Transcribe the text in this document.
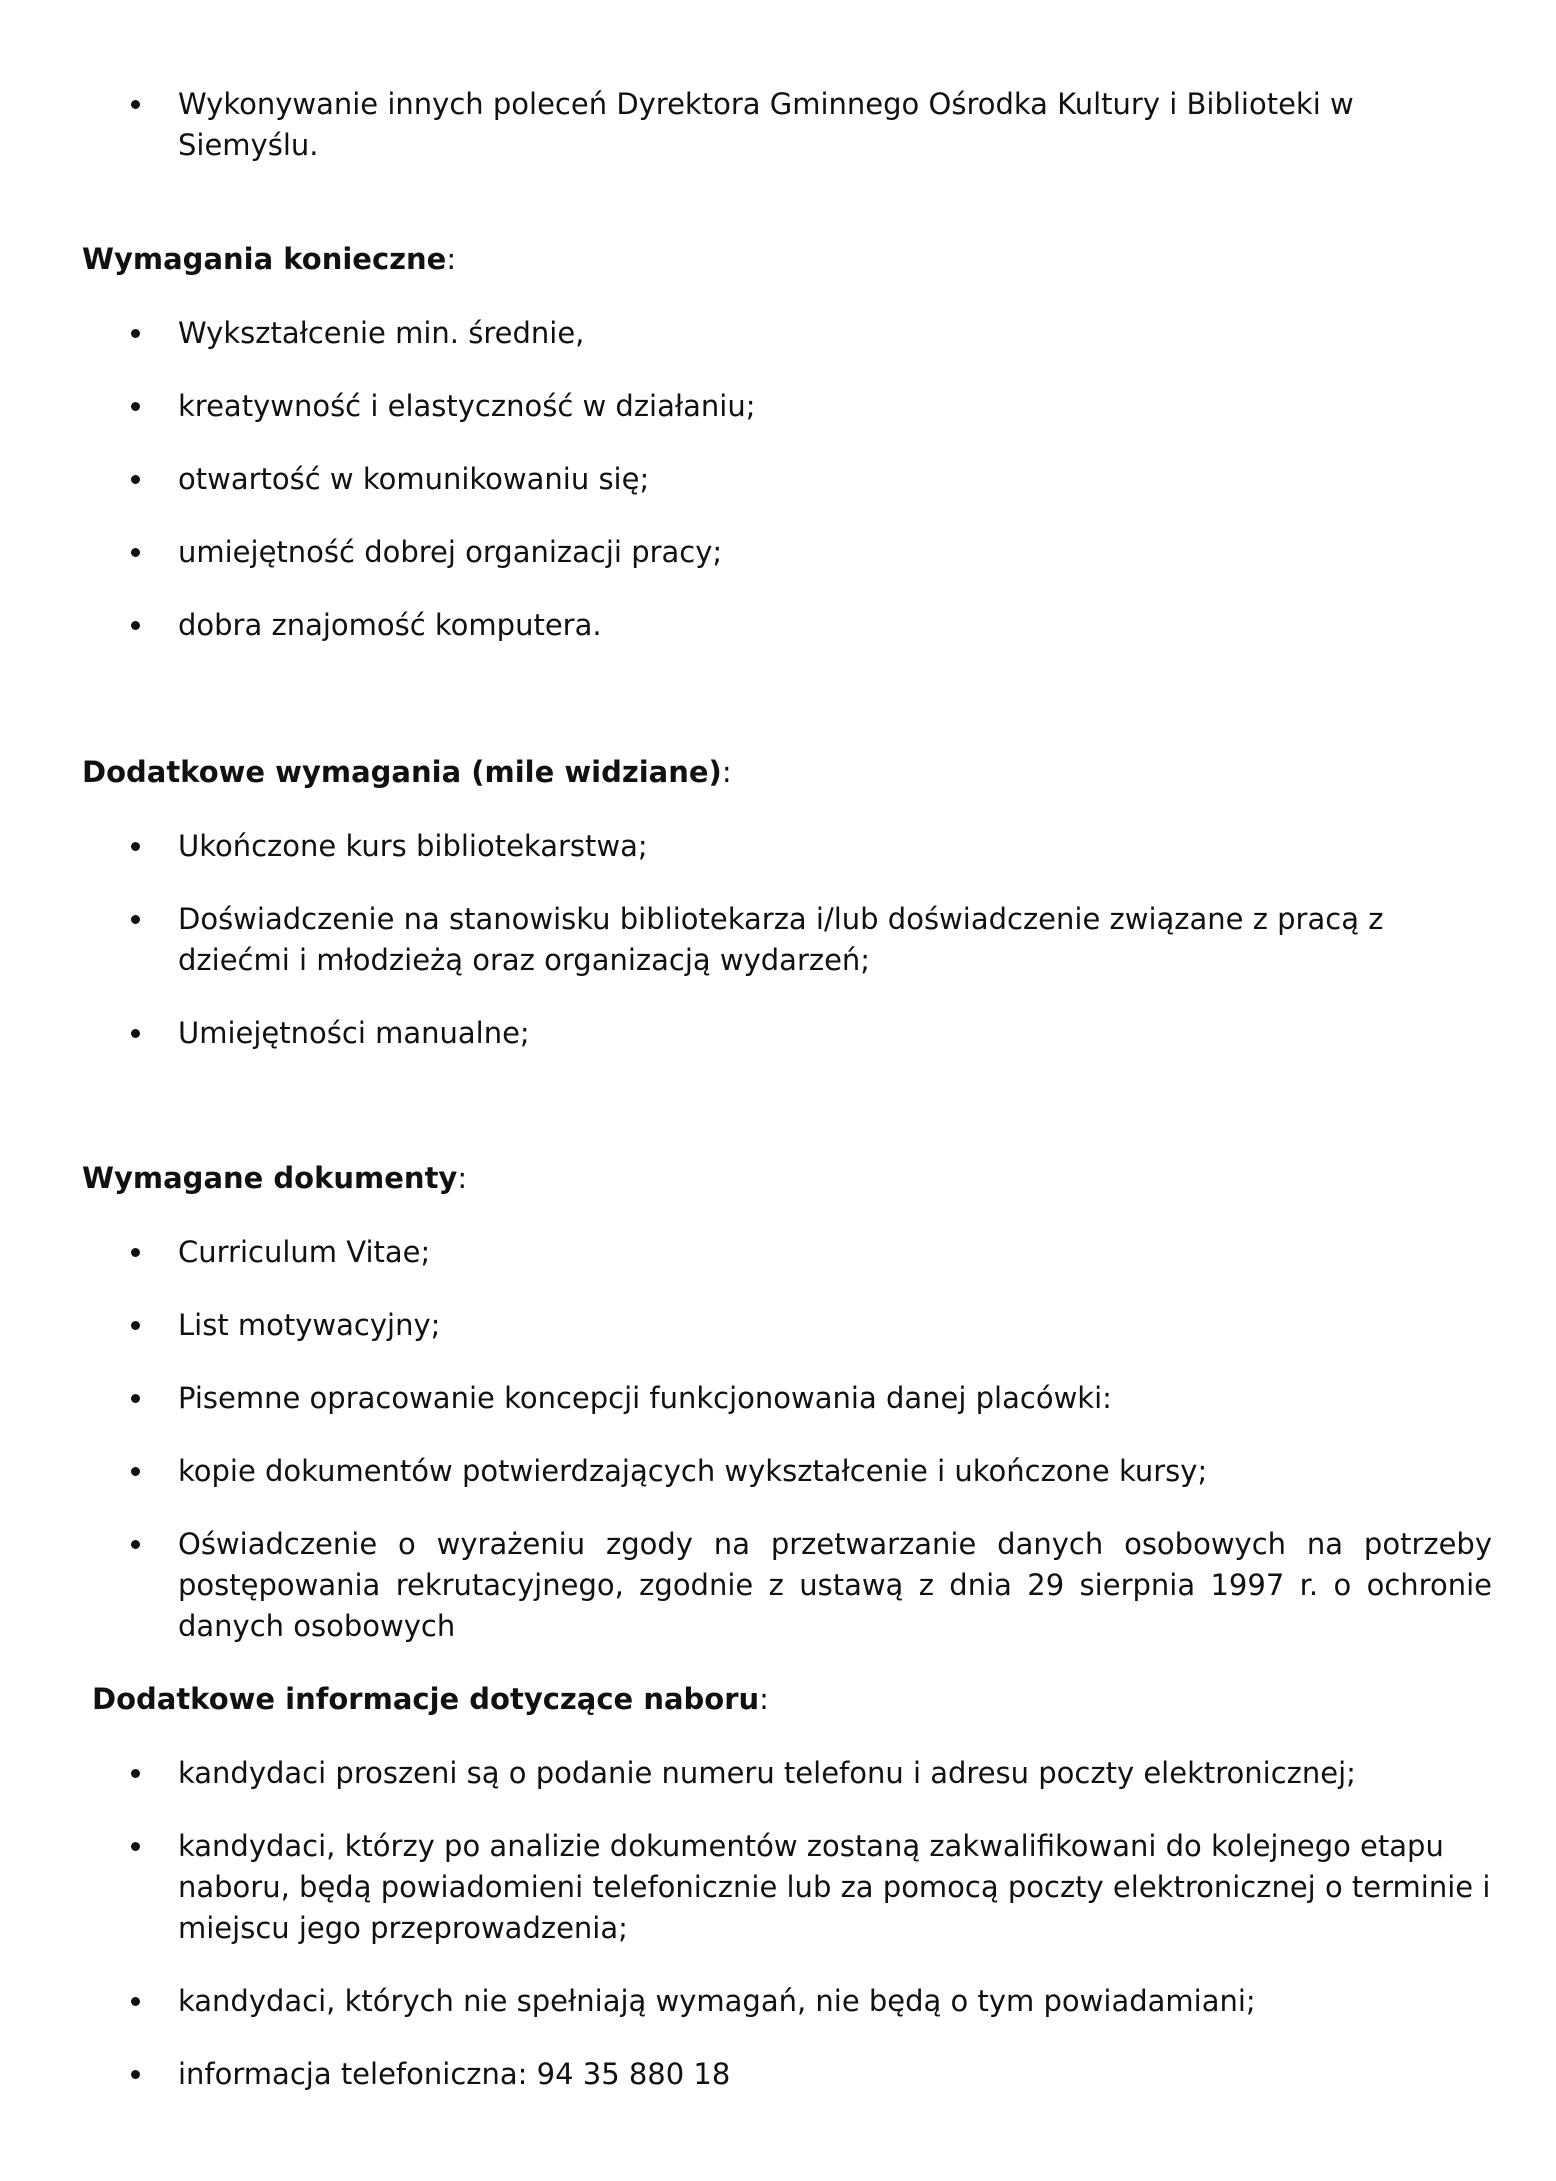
Wykonywanie innych poleceń Dyrektora Gminnego Ośrodka Kultury i Biblioteki w Siemyślu.
Wymagania konieczne:
Wykształcenie min. średnie,
kreatywność i elastyczność w działaniu;
otwartość w komunikowaniu się;
umiejętność dobrej organizacji pracy;
dobra znajomość komputera.
Dodatkowe wymagania (mile widziane):
Ukończone kurs bibliotekarstwa;
Doświadczenie na stanowisku bibliotekarza i/lub doświadczenie związane z pracą z dziećmi i młodzieżą oraz organizacją wydarzeń;
Umiejętności manualne;
Wymagane dokumenty:
Curriculum Vitae;
List motywacyjny;
Pisemne opracowanie koncepcji funkcjonowania danej placówki:
kopie dokumentów potwierdzających wykształcenie i ukończone kursy;
Oświadczenie o wyrażeniu zgody na przetwarzanie danych osobowych na potrzeby postępowania rekrutacyjnego, zgodnie z ustawą z dnia 29 sierpnia 1997 r. o ochronie danych osobowych
Dodatkowe informacje dotyczące naboru:
kandydaci proszeni są o podanie numeru telefonu i adresu poczty elektronicznej;
kandydaci, którzy po analizie dokumentów zostaną zakwalifikowani do kolejnego etapu naboru, będą powiadomieni telefonicznie lub za pomocą poczty elektronicznej o terminie i miejscu jego przeprowadzenia;
kandydaci, których nie spełniają wymagań, nie będą o tym powiadamiani;
informacja telefoniczna: 94 35 880 18
